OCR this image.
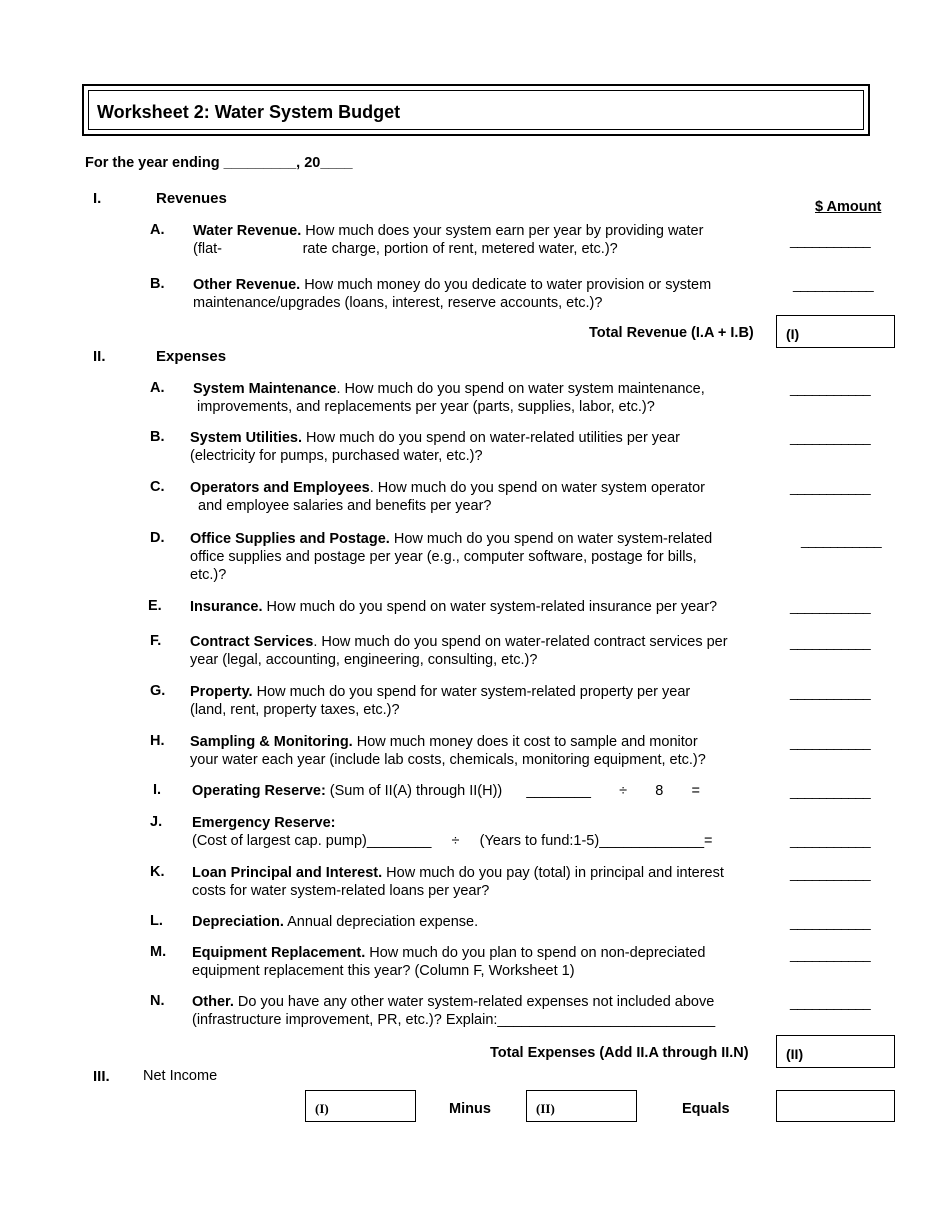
Worksheet 2: Water System Budget
For the year ending _________, 20____
I.	Revenues	$ Amount
A. Water Revenue. How much does your system earn per year by providing water
(flat-                    rate charge, portion of rent, metered water, etc.)?
___________
B. Other Revenue. How much money do you dedicate to water provision or system
maintenance/upgrades (loans, interest, reserve accounts, etc.)?
___________
Total Revenue (I.A + I.B) (I)
II.	Expenses
A. System Maintenance. How much do you spend on water system maintenance,
improvements, and replacements per year (parts, supplies, labor, etc.)?
___________
B. System Utilities. How much do you spend on water-related utilities per year
(electricity for pumps, purchased water, etc.)?
___________
C. Operators and Employees. How much do you spend on water system operator
and employee salaries and benefits per year?
___________
D. Office Supplies and Postage. How much do you spend on water system-related
office supplies and postage per year (e.g., computer software, postage for bills,
etc.)?
___________
E. Insurance. How much do you spend on water system-related insurance per year?	___________
F. Contract Services. How much do you spend on water-related contract services per
year (legal, accounting, engineering, consulting, etc.)?
___________
G. Property. How much do you spend for water system-related property per year
(land, rent, property taxes, etc.)?
___________
H. Sampling & Monitoring. How much money does it cost to sample and monitor
your water each year (include lab costs, chemicals, monitoring equipment, etc.)?
___________
I. Operating Reserve: (Sum of II(A) through II(H))      ________       ÷       8       =	___________
J. Emergency Reserve:
(Cost of largest cap. pump)________     ÷     (Years to fund:1-5)_____________=	___________
K. Loan Principal and Interest. How much do you pay (total) in principal and interest
costs for water system-related loans per year?
___________
L. Depreciation. Annual depreciation expense.	___________
M. Equipment Replacement. How much do you plan to spend on non-depreciated
equipment replacement this year? (Column F, Worksheet 1)
___________
N. Other. Do you have any other water system-related expenses not included above
(infrastructure improvement, PR, etc.)? Explain:___________________________
___________
Total Expenses (Add II.A through II.N)	(II)
III. Net Income
(I)	Minus	(II)	Equals
